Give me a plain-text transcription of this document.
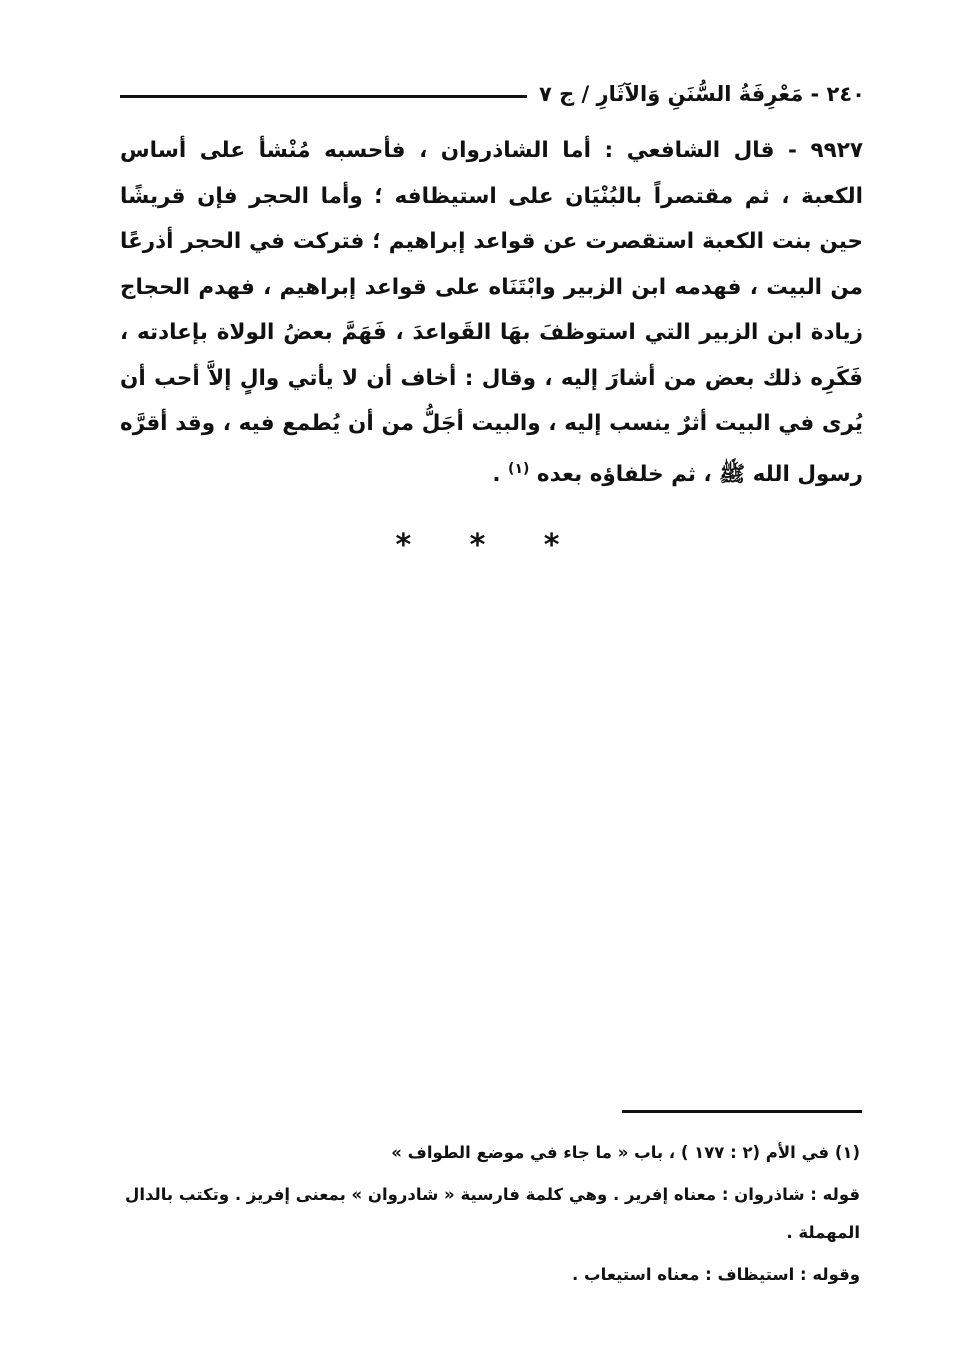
٢٤٠ - مَعْرِفَةُ السُّنَنِ وَالآثَارِ / ج ٧
٩٩٢٧ - قال الشافعي : أما الشاذروان ، فأحسبه مُنْشأ على أساس الكعبة ، ثم مقتصراً بالبُنْيَان على استيظافه ؛ وأما الحجر فإن قريشًا حين بنت الكعبة استقصرت عن قواعد إبراهيم ؛ فتركت في الحجر أذرعًا من البيت ، فهدمه ابن الزبير وابْتَنَاه على قواعد إبراهيم ، فهدم الحجاج زيادة ابن الزبير التي استوظفَ بهَا القَواعدَ ، فَهَمَّ بعضُ الولاة بإعادته ، فَكَرِه ذلك بعض من أشارَ إليه ، وقال : أخاف أن لا يأتي والٍ إلاَّ أحب أن يُرى في البيت أثرٌ ينسب إليه ، والبيت أجَلُّ من أن يُطمع فيه ، وقد أقرَّه رسول الله ﷺ ، ثم خلفاؤه بعده $^{(١)}$ .
* * *

(١) في الأم (٢ : ١٧٧ ) ، باب « ما جاء في موضع الطواف »

قوله : شاذروان : معناه إفرير . وهي كلمة فارسية « شادروان » بمعنى إفريز . وتكتب بالدال المهملة .

وقوله : استيظاف : معناه استيعاب .
